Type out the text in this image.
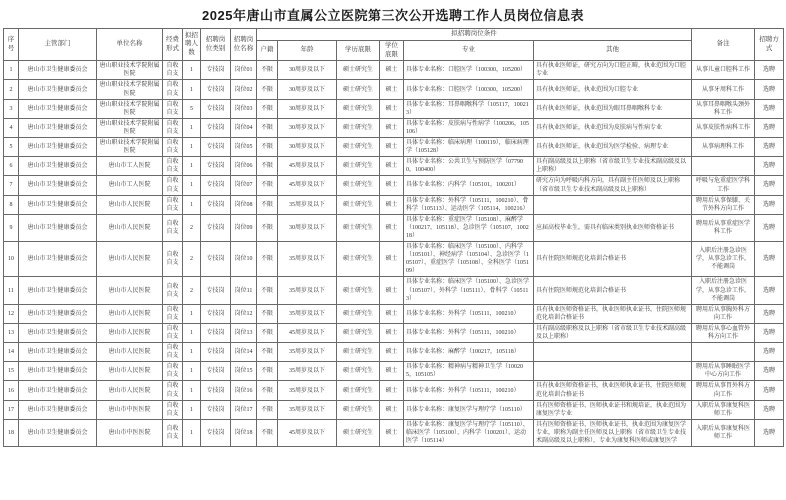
2025年唐山市直属公立医院第三次公开选聘工作人员岗位信息表
序号	主管部门	单位名称	经费形式	拟招聘人数	招聘岗位类别	招聘岗位名称	拟招聘岗位条件						备注	招聘方式
							户籍	年龄	学历底限	学位底限	专业	其他		
1	唐山市卫生健康委员会	唐山职业技术学院附属医院	自收自支	1	专技岗	岗位01	不限	30周岁及以下	硕士研究生	硕士	具体专业名称：口腔医学（100300，105200）	具有执业医师证，研究方向为口腔正畸，执业范围为口腔专业	从事儿童口腔科工作	选聘
2	唐山市卫生健康委员会	唐山职业技术学院附属医院	自收自支	1	专技岗	岗位02	不限	30周岁及以下	硕士研究生	硕士	具体专业名称：口腔医学（100300，105200）	具有执业医师证，执业范围为口腔专业	从事牙周科工作	选聘
3	唐山市卫生健康委员会	唐山职业技术学院附属医院	自收自支	5	专技岗	岗位03	不限	30周岁及以下	硕士研究生	硕士	具体专业名称：耳鼻咽喉科学（105117，100213）	具有执业医师证，执业范围为眼耳鼻咽喉科专业	从事耳鼻咽喉头颈外科工作	选聘
4	唐山市卫生健康委员会	唐山职业技术学院附属医院	自收自支	1	专技岗	岗位04	不限	30周岁及以下	硕士研究生	硕士	具体专业名称：皮肤病与性病学（100206，105106）	具有执业医师证，执业范围为皮肤病与性病专业	从事皮肤性病科工作	选聘
5	唐山市卫生健康委员会	唐山职业技术学院附属医院	自收自支	1	专技岗	岗位05	不限	30周岁及以下	硕士研究生	硕士	具体专业名称：临床病理（100119），临床病理学（105128）	具有执业医师证，执业范围为医学检验、病理专业	从事病理科工作	选聘
6	唐山市卫生健康委员会	唐山市工人医院	自收自支	1	专技岗	岗位06	不限	45周岁及以下	硕士研究生	硕士	具体专业名称：公共卫生与预防医学（077900，100400）	具有副高级及以上职称（省市级卫生专业技术副高级及以上职称）		选聘
7	唐山市卫生健康委员会	唐山市工人医院	自收自支	1	专技岗	岗位07	不限	45周岁及以下	硕士研究生	硕士	具体专业名称：内科学（105101，100201）	研究方向为呼吸内科方向，具有副主任医师及以上职称（省市级卫生专业技术副高级及以上职称）	呼吸与危重症医学科工作	选聘
8	唐山市卫生健康委员会	唐山市人民医院	自收自支	1	专技岗	岗位08	不限	35周岁及以下	硕士研究生	硕士	具体专业名称：外科学（105111，100210）、骨科学（105113）、运动医学（105114，100216）		聘用后从事保膝、关节外科方向工作	选聘
9	唐山市卫生健康委员会	唐山市人民医院	自收自支	2	专技岗	岗位09	不限	30周岁及以下	硕士研究生	硕士	具体专业名称：重症医学（105108）、麻醉学（100217，105118）、急诊医学（105107，100218）	应届高校毕业生，需具有临床类别执业医师资格证书	聘用后从事重症医学科工作	选聘
10	唐山市卫生健康委员会	唐山市人民医院	自收自支	2	专技岗	岗位10	不限	35周岁及以下	硕士研究生	硕士	具体专业名称：临床医学（105100）、内科学（105101）、神经病学（105104）、急诊医学（105107）、重症医学（105108）、全科医学（105109）	具有住院医师规范化培训合格证书	入职后注册急诊医学，从事急诊工作，不能调岗	选聘
11	唐山市卫生健康委员会	唐山市人民医院	自收自支	2	专技岗	岗位11	不限	35周岁及以下	硕士研究生	硕士	具体专业名称：临床医学（105100）、急诊医学（105107）、外科学（105111）、骨科学（105113）	具有住院医师规范化培训合格证书	入职后注册急诊医学，从事急诊工作，不能调岗	选聘
12	唐山市卫生健康委员会	唐山市人民医院	自收自支	1	专技岗	岗位12	不限	35周岁及以下	硕士研究生	硕士	具体专业名称：外科学（105111，100210）	具有执业医师资格证书，执业医师执业证书，住院医师规范化培训合格证书	聘用后从事胸外科方向工作	选聘
13	唐山市卫生健康委员会	唐山市人民医院	自收自支	1	专技岗	岗位13	不限	45周岁及以下	硕士研究生	硕士	具体专业名称：外科学（105111，100210）	具有副高级职称及以上职称（省市级卫生专业技术副高级及以上职称）	聘用后从事心血管外科方向工作	选聘
14	唐山市卫生健康委员会	唐山市人民医院	自收自支	1	专技岗	岗位14	不限	35周岁及以下	硕士研究生	硕士	具体专业名称：麻醉学（100217，105118）			选聘
15	唐山市卫生健康委员会	唐山市人民医院	自收自支	1	专技岗	岗位15	不限	35周岁及以下	硕士研究生	硕士	具体专业名称：精神病与精神卫生学（100205，105105）		聘用后从事睡眠医学中心方向工作	选聘
16	唐山市卫生健康委员会	唐山市人民医院	自收自支	1	专技岗	岗位16	不限	35周岁及以下	硕士研究生	硕士	具体专业名称：外科学（105111，100210）	具有执业医师资格证书，执业医师执业证书，住院医师规范化培训合格证书	聘用后从事胃外科方向工作	选聘
17	唐山市卫生健康委员会	唐山市中医医院	自收自支	1	专技岗	岗位17	不限	35周岁及以下	硕士研究生	硕士	具体专业名称：康复医学与理疗学（105110）	具有医师资格证书、医师执业证书和规培证，执业范围为康复医学专业	入职后从事康复科医师工作	选聘
18	唐山市卫生健康委员会	唐山市中医医院	自收自支	1	专技岗	岗位18	不限	45周岁及以下	硕士研究生	硕士	具体专业名称：康复医学与理疗学（105110）、临床医学（105100）、内科学（100201）、运动医学（105114）	具有医师资格证书、医师执业证书，执业范围为康复医学专业，职称为副主任医师及以上职称（省市级卫生专业技术副高级及以上职称），专业为康复科医师或康复医学	入职后从事康复科医师工作	选聘
